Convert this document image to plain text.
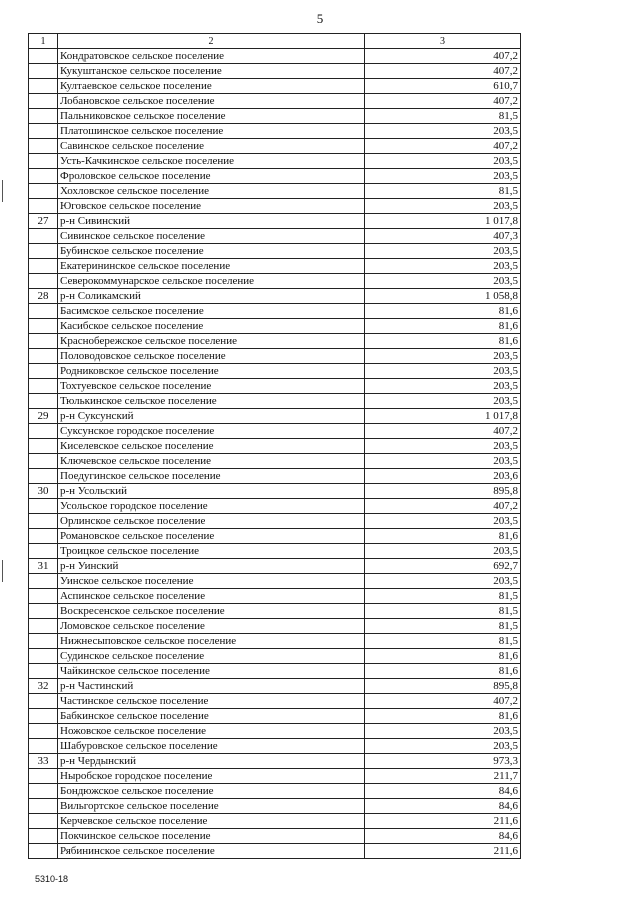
5
1	2	3
	Кондратовское сельское поселение	407,2
	Кукуштанское сельское поселение	407,2
	Култаевское сельское поселение	610,7
	Лобановское сельское поселение	407,2
	Пальниковское сельское поселение	81,5
	Платошинское сельское поселение	203,5
	Савинское сельское поселение	407,2
	Усть-Качкинское сельское поселение	203,5
	Фроловское сельское поселение	203,5
	Хохловское сельское поселение	81,5
	Юговское сельское поселение	203,5
27	р-н Сивинский	1 017,8
	Сивинское сельское поселение	407,3
	Бубинское сельское поселение	203,5
	Екатерининское сельское поселение	203,5
	Северокоммунарское сельское поселение	203,5
28	р-н Соликамский	1 058,8
	Басимское сельское поселение	81,6
	Касибское сельское поселение	81,6
	Краснобережское сельское поселение	81,6
	Половодовское сельское поселение	203,5
	Родниковское сельское поселение	203,5
	Тохтуевское сельское поселение	203,5
	Тюлькинское сельское поселение	203,5
29	р-н Суксунский	1 017,8
	Суксунское городское поселение	407,2
	Киселевское сельское поселение	203,5
	Ключевское сельское поселение	203,5
	Поедугинское сельское поселение	203,6
30	р-н Усольский	895,8
	Усольское городское поселение	407,2
	Орлинское сельское поселение	203,5
	Романовское сельское поселение	81,6
	Троицкое сельское поселение	203,5
31	р-н Уинский	692,7
	Уинское сельское поселение	203,5
	Аспинское сельское поселение	81,5
	Воскресенское сельское поселение	81,5
	Ломовское сельское поселение	81,5
	Нижнесыповское сельское поселение	81,5
	Судинское сельское поселение	81,6
	Чайкинское сельское поселение	81,6
32	р-н Частинский	895,8
	Частинское сельское поселение	407,2
	Бабкинское сельское поселение	81,6
	Ножовское сельское поселение	203,5
	Шабуровское сельское поселение	203,5
33	р-н Чердынский	973,3
	Ныробское городское поселение	211,7
	Бондюжское сельское поселение	84,6
	Вильгортское сельское поселение	84,6
	Керчевское сельское поселение	211,6
	Покчинское сельское поселение	84,6
	Рябининское сельское поселение	211,6
5310-18
